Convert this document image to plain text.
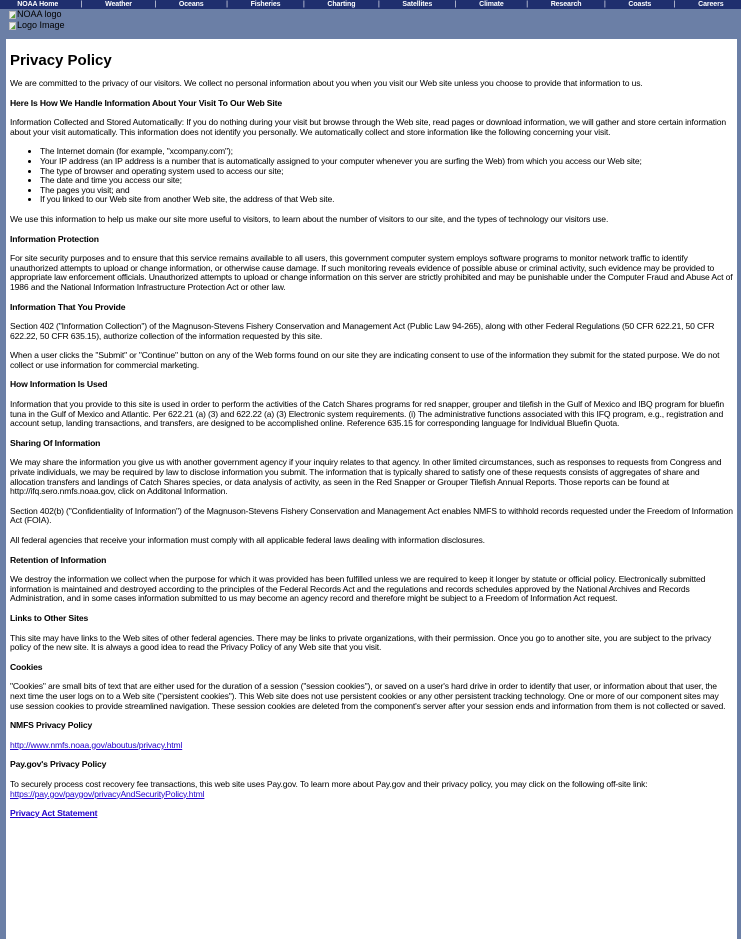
NOAA Home	|	Weather	|	Oceans	|	Fisheries	|	Charting	|	Satellites	|	Climate	|	Research	|	Coasts	|	Careers
NOAA logo
Logo Image
Privacy Policy

We are committed to the privacy of our visitors. We collect no personal information about you when you visit our Web site unless you choose to provide that information to us.

Here Is How We Handle Information About Your Visit To Our Web Site

Information Collected and Stored Automatically: If you do nothing during your visit but browse through the Web site, read pages or download information, we will gather and store certain information about your visit automatically. This information does not identify you personally. We automatically collect and store information like the following concerning your visit.

• The Internet domain (for example, "xcompany.com");
• Your IP address (an IP address is a number that is automatically assigned to your computer whenever you are surfing the Web) from which you access our Web site;
• The type of browser and operating system used to access our site;
• The date and time you access our site;
• The pages you visit; and
• If you linked to our Web site from another Web site, the address of that Web site.

We use this information to help us make our site more useful to visitors, to learn about the number of visitors to our site, and the types of technology our visitors use.

Information Protection

For site security purposes and to ensure that this service remains available to all users, this government computer system employs software programs to monitor network traffic to identify unauthorized attempts to upload or change information, or otherwise cause damage. If such monitoring reveals evidence of possible abuse or criminal activity, such evidence may be provided to appropriate law enforcement officials. Unauthorized attempts to upload or change information on this server are strictly prohibited and may be punishable under the Computer Fraud and Abuse Act of 1986 and the National Information Infrastructure Protection Act or other law.

Information That You Provide

Section 402 ("Information Collection") of the Magnuson-Stevens Fishery Conservation and Management Act (Public Law 94-265), along with other Federal Regulations (50 CFR 622.21, 50 CFR 622.22, 50 CFR 635.15), authorize collection of the information requested by this site.

When a user clicks the "Submit" or "Continue" button on any of the Web forms found on our site they are indicating consent to use of the information they submit for the stated purpose. We do not collect or use information for commercial marketing.

How Information Is Used

Information that you provide to this site is used in order to perform the activities of the Catch Shares programs for red snapper, grouper and tilefish in the Gulf of Mexico and IBQ program for bluefin tuna in the Gulf of Mexico and Atlantic. Per 622.21 (a) (3) and 622.22 (a) (3) Electronic system requirements. (i) The administrative functions associated with this IFQ program, e.g., registration and account setup, landing transactions, and transfers, are designed to be accomplished online. Reference 635.15 for corresponding language for Individual Bluefin Quota.

Sharing Of Information

We may share the information you give us with another government agency if your inquiry relates to that agency. In other limited circumstances, such as responses to requests from Congress and private individuals, we may be required by law to disclose information you submit. The information that is typically shared to satisfy one of these requests consists of aggregates of share and allocation transfers and landings of Catch Shares species, or data analysis of activity, as seen in the Red Snapper or Grouper Tilefish Annual Reports. Those reports can be found at http://ifq.sero.nmfs.noaa.gov, click on Additonal Information.

Section 402(b) ("Confidentiality of Information") of the Magnuson-Stevens Fishery Conservation and Management Act enables NMFS to withhold records requested under the Freedom of Information Act (FOIA).

All federal agencies that receive your information must comply with all applicable federal laws dealing with information disclosures.

Retention of Information

We destroy the information we collect when the purpose for which it was provided has been fulfilled unless we are required to keep it longer by statute or official policy. Electronically submitted information is maintained and destroyed according to the principles of the Federal Records Act and the regulations and records schedules approved by the National Archives and Records Administration, and in some cases information submitted to us may become an agency record and therefore might be subject to a Freedom of Information Act request.

Links to Other Sites

This site may have links to the Web sites of other federal agencies. There may be links to private organizations, with their permission. Once you go to another site, you are subject to the privacy policy of the new site. It is always a good idea to read the Privacy Policy of any Web site that you visit.

Cookies

"Cookies" are small bits of text that are either used for the duration of a session ("session cookies"), or saved on a user's hard drive in order to identify that user, or information about that user, the next time the user logs on to a Web site ("persistent cookies"). This Web site does not use persistent cookies or any other persistent tracking technology. One or more of our component sites may use session cookies to provide streamlined navigation. These session cookies are deleted from the component's server after your session ends and information from them is not collected or saved.

NMFS Privacy Policy

http://www.nmfs.noaa.gov/aboutus/privacy.html

Pay.gov's Privacy Policy

To securely process cost recovery fee transactions, this web site uses Pay.gov. To learn more about Pay.gov and their privacy policy, you may click on the following off-site link:
https://pay.gov/paygov/privacyAndSecurityPolicy.html

Privacy Act Statement
